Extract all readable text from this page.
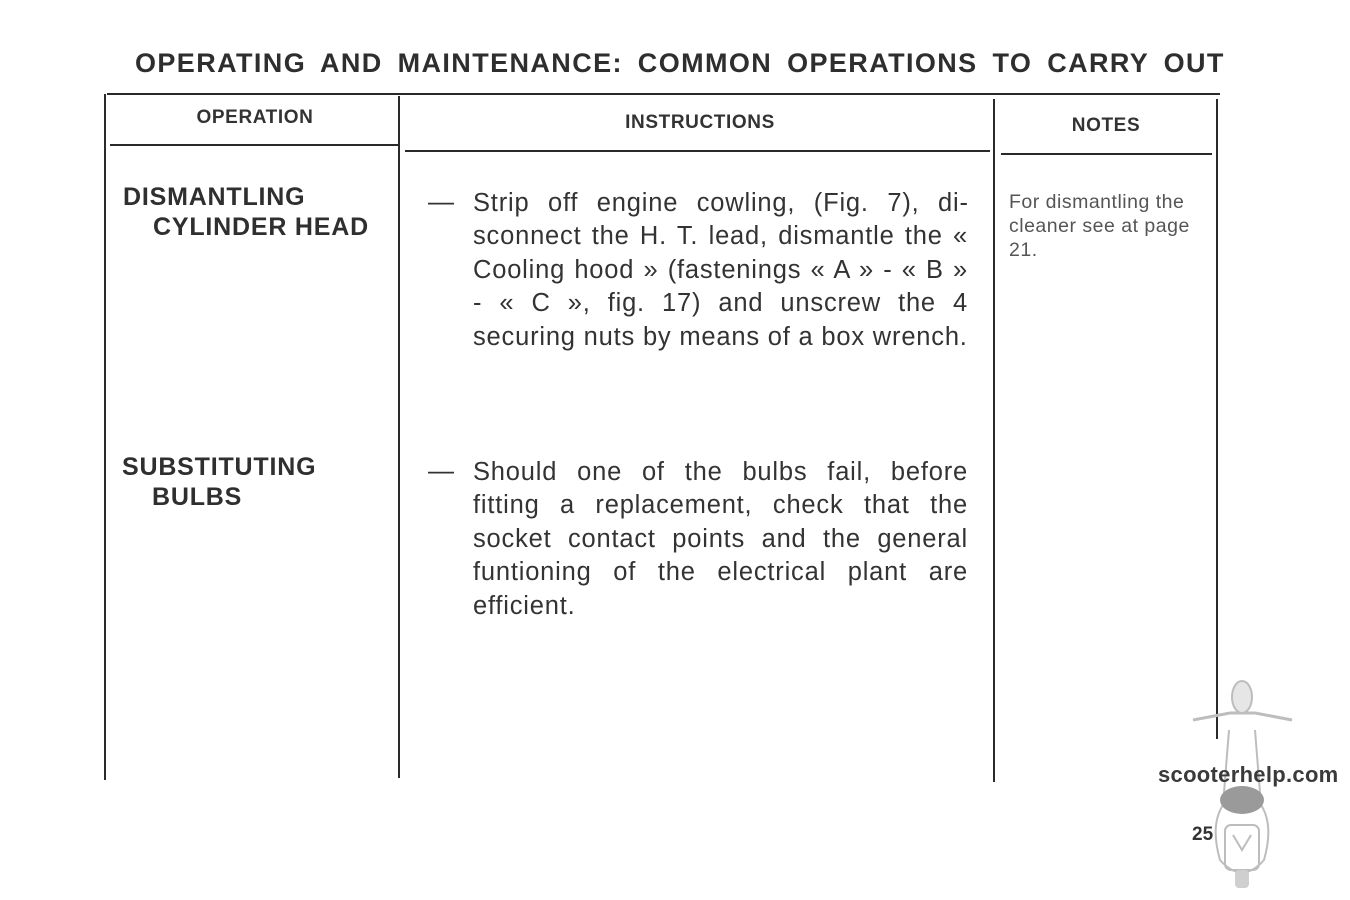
OPERATING AND MAINTENANCE: COMMON OPERATIONS TO CARRY OUT
OPERATION	INSTRUCTIONS	NOTES
DISMANTLING
CYLINDER HEAD
— Strip off engine cowling, (Fig. 7), disconnect the H. T. lead, dismantle the « Cooling hood » (fastenings « A » - « B » - « C », fig. 17) and unscrew the 4 securing nuts by means of a box wrench.
For dismantling the cleaner see at page 21.
SUBSTITUTING
BULBS
— Should one of the bulbs fail, before fitting a replacement, check that the socket contact points and the general funtioning of the electrical plant are efficient.
scooterhelp.com
25
